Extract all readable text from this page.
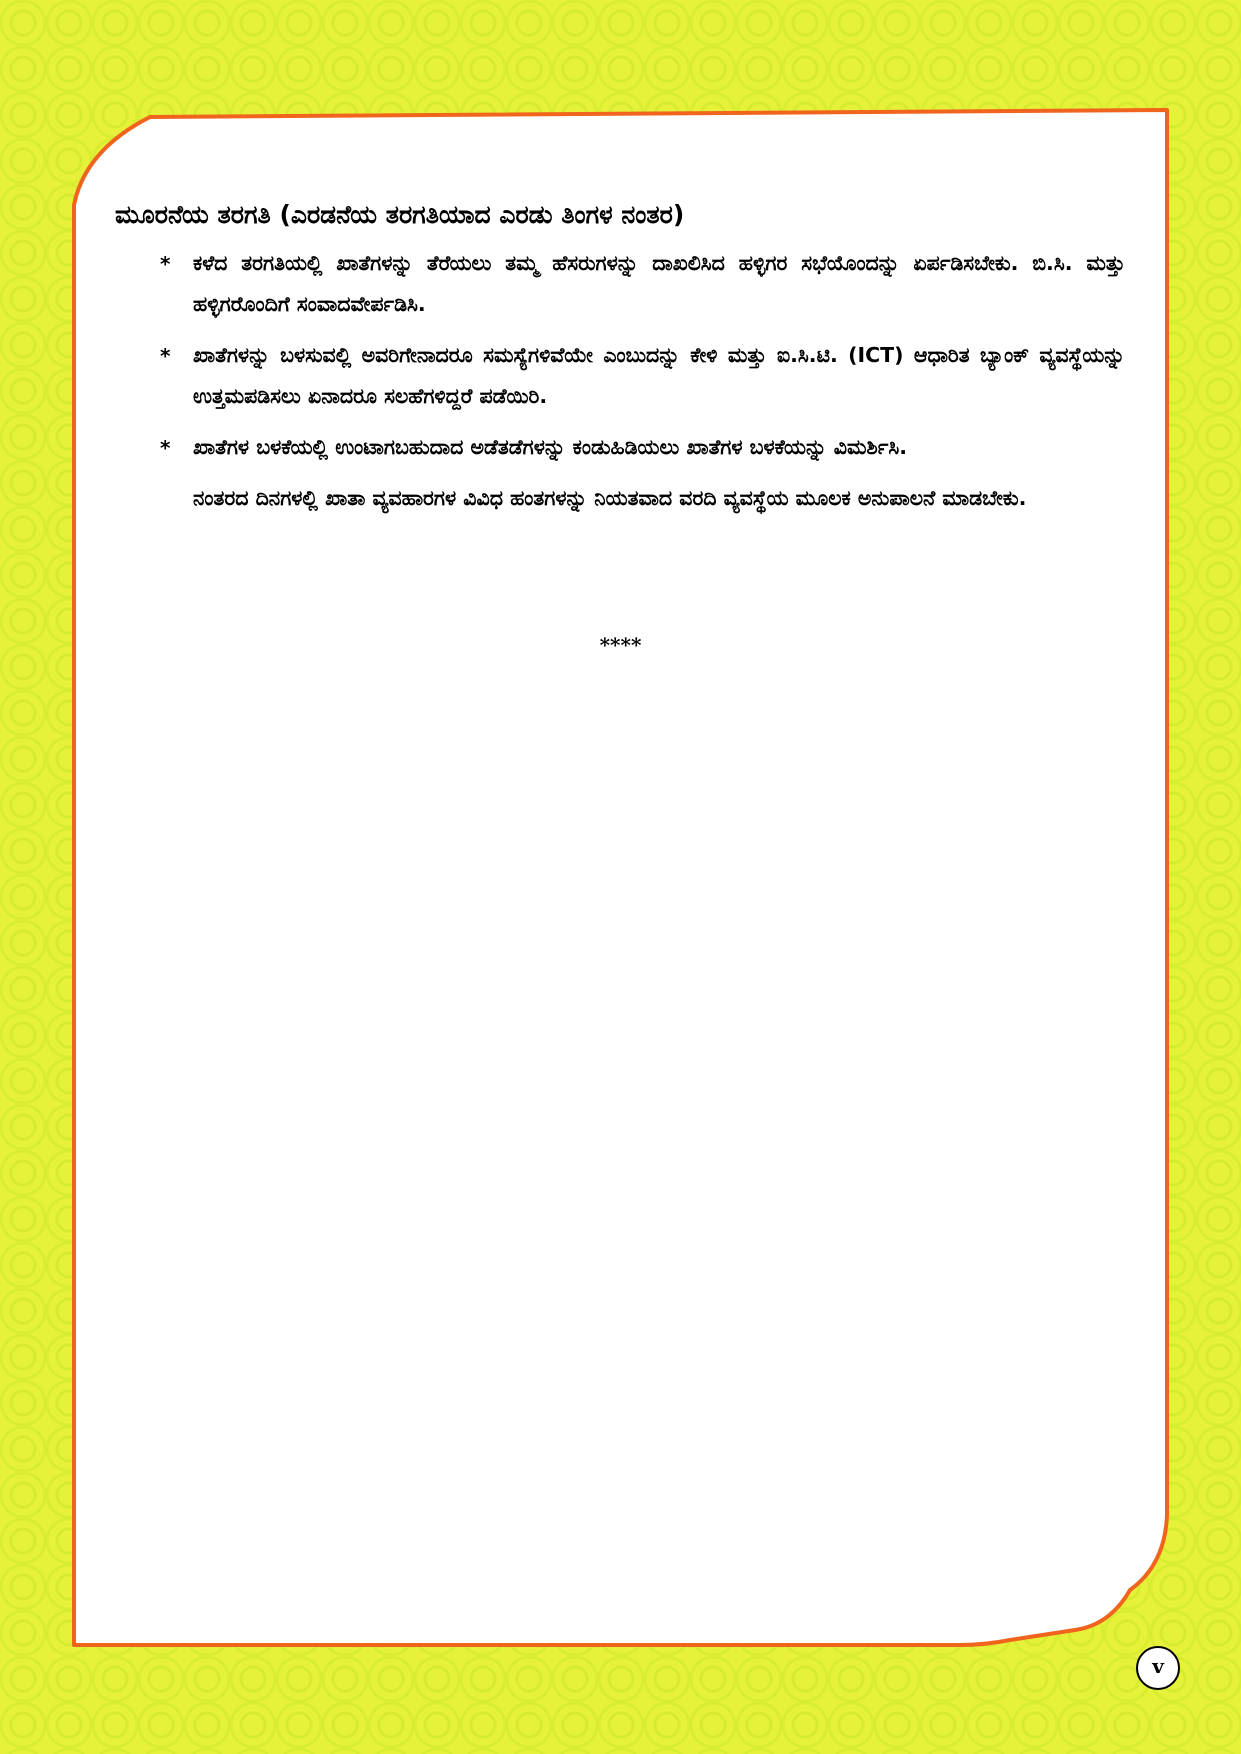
ಮೂರನೆಯ ತರಗತಿ (ಎರಡನೆಯ ತರಗತಿಯಾದ ಎರಡು ತಿಂಗಳ ನಂತರ)
* ಕಳೆದ ತರಗತಿಯಲ್ಲಿ ಖಾತೆಗಳನ್ನು ತೆರೆಯಲು ತಮ್ಮ ಹೆಸರುಗಳನ್ನು ದಾಖಲಿಸಿದ ಹಳ್ಳಿಗರ ಸಭೆಯೊಂದನ್ನು ಏರ್ಪಡಿಸಬೇಕು. ಬಿ.ಸಿ. ಮತ್ತು ಹಳ್ಳಿಗರೊಂದಿಗೆ ಸಂವಾದವೇರ್ಪಡಿಸಿ.
* ಖಾತೆಗಳನ್ನು ಬಳಸುವಲ್ಲಿ ಅವರಿಗೇನಾದರೂ ಸಮಸ್ಯೆಗಳಿವೆಯೇ ಎಂಬುದನ್ನು ಕೇಳಿ ಮತ್ತು ಐ.ಸಿ.ಟಿ. (ICT) ಆಧಾರಿತ ಬ್ಯಾಂಕ್ ವ್ಯವಸ್ಥೆಯನ್ನು ಉತ್ತಮಪಡಿಸಲು ಏನಾದರೂ ಸಲಹೆಗಳಿದ್ದರೆ ಪಡೆಯಿರಿ.
* ಖಾತೆಗಳ ಬಳಕೆಯಲ್ಲಿ ಉಂಟಾಗಬಹುದಾದ ಅಡೆತಡೆಗಳನ್ನು ಕಂಡುಹಿಡಿಯಲು ಖಾತೆಗಳ ಬಳಕೆಯನ್ನು ವಿಮರ್ಶಿಸಿ.

ನಂತರದ ದಿನಗಳಲ್ಲಿ ಖಾತಾ ವ್ಯವಹಾರಗಳ ವಿವಿಧ ಹಂತಗಳನ್ನು ನಿಯತವಾದ ವರದಿ ವ್ಯವಸ್ಥೆಯ ಮೂಲಕ ಅನುಪಾಲನೆ ಮಾಡಬೇಕು.

****
v
